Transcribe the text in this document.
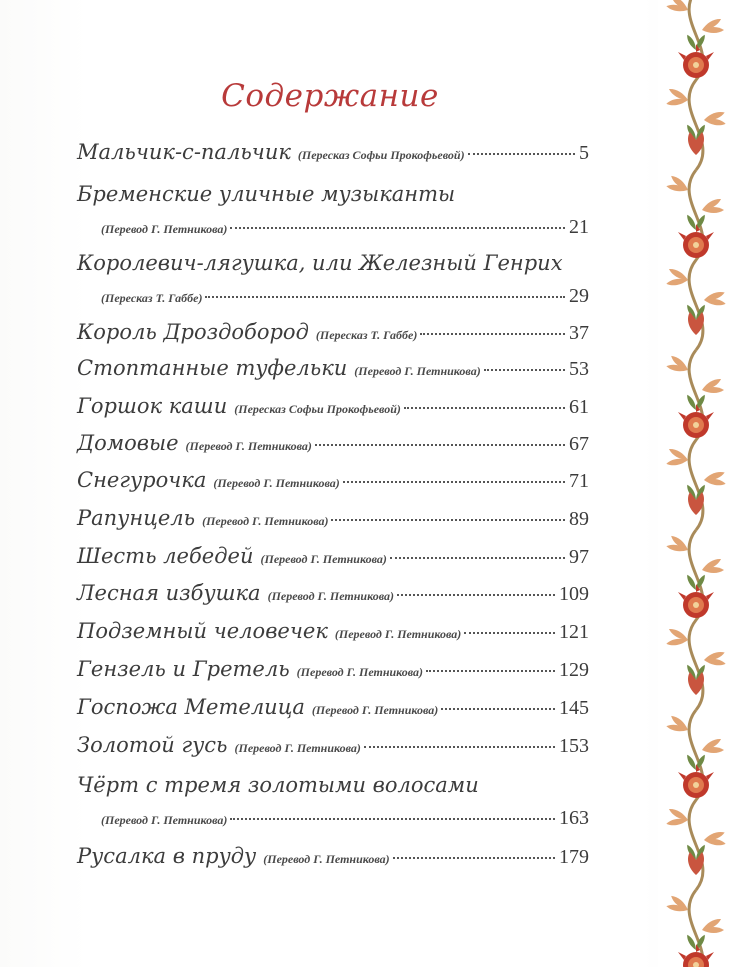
Содержание
Мальчик-с-пальчик (Пересказ Софьи Прокофьевой)	5
Бременские уличные музыканты
(Перевод Г. Петникова)	21
Королевич-лягушка, или Железный Генрих
(Пересказ Т. Габбе)	29
Король Дроздобород (Пересказ Т. Габбе)	37
Стоптанные туфельки (Перевод Г. Петникова)	53
Горшок каши (Пересказ Софьи Прокофьевой)	61
Домовые (Перевод Г. Петникова)	67
Снегурочка (Перевод Г. Петникова)	71
Рапунцель (Перевод Г. Петникова)	89
Шесть лебедей (Перевод Г. Петникова)	97
Лесная избушка (Перевод Г. Петникова)	109
Подземный человечек (Перевод Г. Петникова)	121
Гензель и Гретель (Перевод Г. Петникова)	129
Госпожа Метелица (Перевод Г. Петникова)	145
Золотой гусь (Перевод Г. Петникова)	153
Чёрт с тремя золотыми волосами
(Перевод Г. Петникова)	163
Русалка в пруду (Перевод Г. Петникова)	179
